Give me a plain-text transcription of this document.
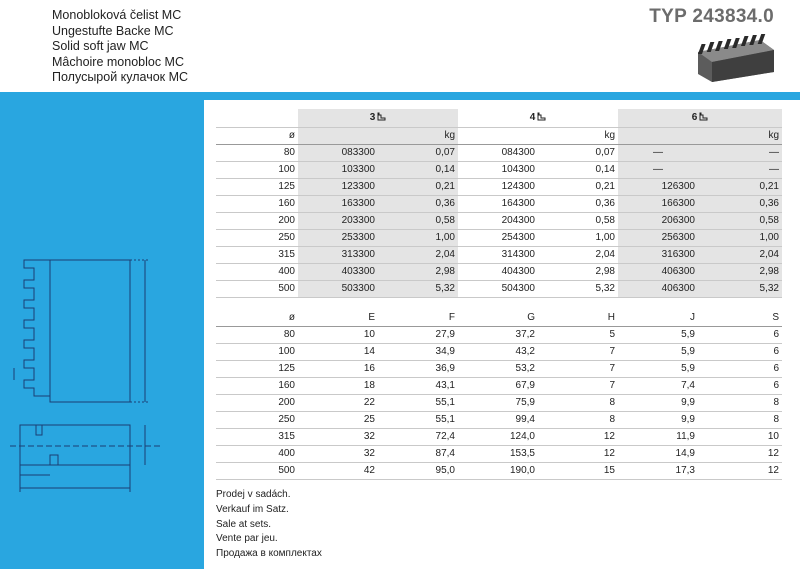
Monobloková čelist MC
Ungestufte Backe MC
Solid soft jaw MC
Mâchoire monobloc MC
Полусырой кулачок МС
TYP 243834.0
	3		4		6	
ø		kg		kg		kg
80	083300	0,07	084300	0,07	—	—
100	103300	0,14	104300	0,14	—	—
125	123300	0,21	124300	0,21	126300	0,21
160	163300	0,36	164300	0,36	166300	0,36
200	203300	0,58	204300	0,58	206300	0,58
250	253300	1,00	254300	1,00	256300	1,00
315	313300	2,04	314300	2,04	316300	2,04
400	403300	2,98	404300	2,98	406300	2,98
500	503300	5,32	504300	5,32	406300	5,32
ø	E	F	G	H	J	S
80	10	27,9	37,2	5	5,9	6
100	14	34,9	43,2	7	5,9	6
125	16	36,9	53,2	7	5,9	6
160	18	43,1	67,9	7	7,4	6
200	22	55,1	75,9	8	9,9	8
250	25	55,1	99,4	8	9,9	8
315	32	72,4	124,0	12	11,9	10
400	32	87,4	153,5	12	14,9	12
500	42	95,0	190,0	15	17,3	12
Prodej v sadách.
Verkauf im Satz.
Sale at sets.
Vente par jeu.
Продажа в комплектах
